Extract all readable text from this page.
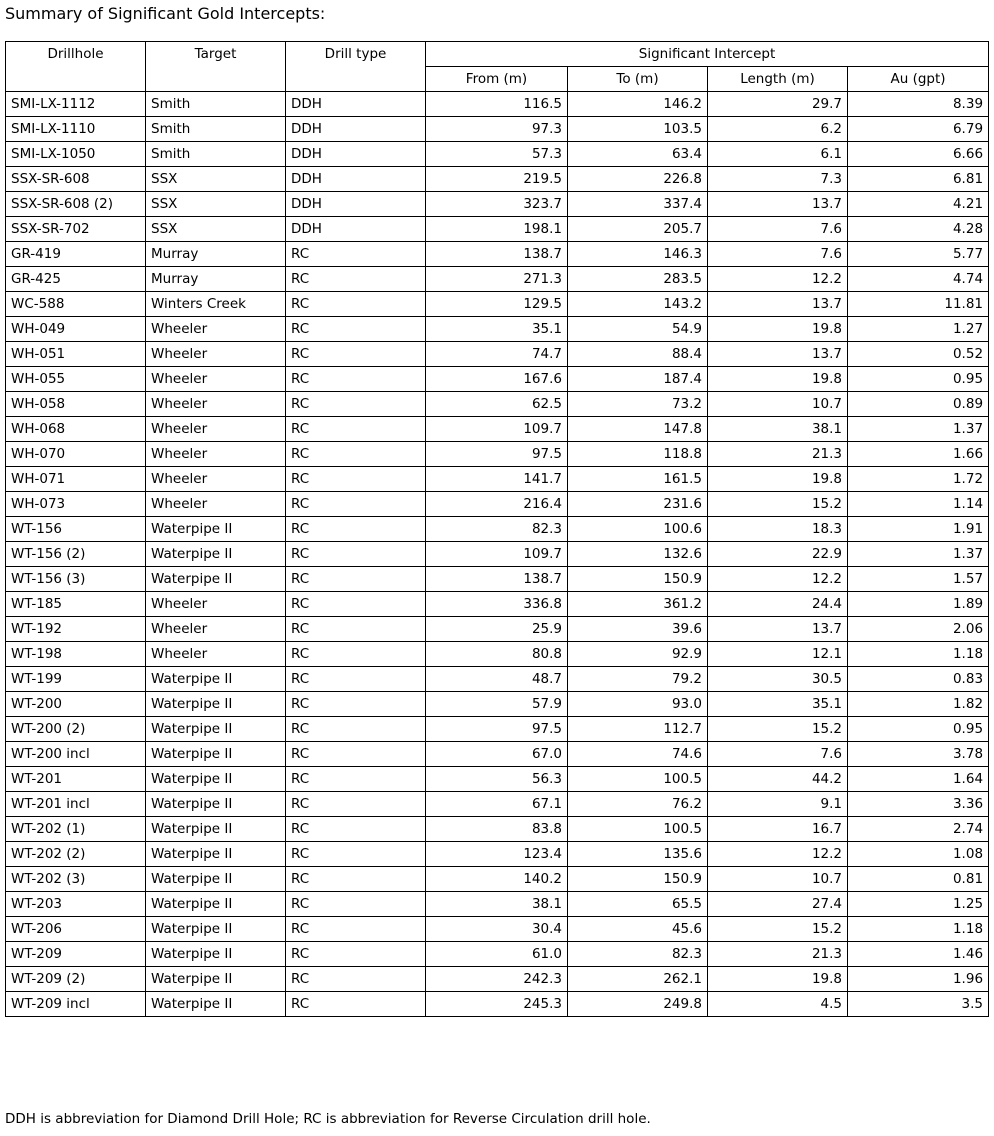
Summary of Significant Gold Intercepts:
Drillhole	Target	Drill type	Significant Intercept			
			From (m)	To (m)	Length (m)	Au (gpt)
SMI-LX-1112	Smith	DDH	116.5	146.2	29.7	8.39
SMI-LX-1110	Smith	DDH	97.3	103.5	6.2	6.79
SMI-LX-1050	Smith	DDH	57.3	63.4	6.1	6.66
SSX-SR-608	SSX	DDH	219.5	226.8	7.3	6.81
SSX-SR-608 (2)	SSX	DDH	323.7	337.4	13.7	4.21
SSX-SR-702	SSX	DDH	198.1	205.7	7.6	4.28
GR-419	Murray	RC	138.7	146.3	7.6	5.77
GR-425	Murray	RC	271.3	283.5	12.2	4.74
WC-588	Winters Creek	RC	129.5	143.2	13.7	11.81
WH-049	Wheeler	RC	35.1	54.9	19.8	1.27
WH-051	Wheeler	RC	74.7	88.4	13.7	0.52
WH-055	Wheeler	RC	167.6	187.4	19.8	0.95
WH-058	Wheeler	RC	62.5	73.2	10.7	0.89
WH-068	Wheeler	RC	109.7	147.8	38.1	1.37
WH-070	Wheeler	RC	97.5	118.8	21.3	1.66
WH-071	Wheeler	RC	141.7	161.5	19.8	1.72
WH-073	Wheeler	RC	216.4	231.6	15.2	1.14
WT-156	Waterpipe II	RC	82.3	100.6	18.3	1.91
WT-156 (2)	Waterpipe II	RC	109.7	132.6	22.9	1.37
WT-156 (3)	Waterpipe II	RC	138.7	150.9	12.2	1.57
WT-185	Wheeler	RC	336.8	361.2	24.4	1.89
WT-192	Wheeler	RC	25.9	39.6	13.7	2.06
WT-198	Wheeler	RC	80.8	92.9	12.1	1.18
WT-199	Waterpipe II	RC	48.7	79.2	30.5	0.83
WT-200	Waterpipe II	RC	57.9	93.0	35.1	1.82
WT-200 (2)	Waterpipe II	RC	97.5	112.7	15.2	0.95
WT-200 incl	Waterpipe II	RC	67.0	74.6	7.6	3.78
WT-201	Waterpipe II	RC	56.3	100.5	44.2	1.64
WT-201 incl	Waterpipe II	RC	67.1	76.2	9.1	3.36
WT-202 (1)	Waterpipe II	RC	83.8	100.5	16.7	2.74
WT-202 (2)	Waterpipe II	RC	123.4	135.6	12.2	1.08
WT-202 (3)	Waterpipe II	RC	140.2	150.9	10.7	0.81
WT-203	Waterpipe II	RC	38.1	65.5	27.4	1.25
WT-206	Waterpipe II	RC	30.4	45.6	15.2	1.18
WT-209	Waterpipe II	RC	61.0	82.3	21.3	1.46
WT-209 (2)	Waterpipe II	RC	242.3	262.1	19.8	1.96
WT-209 incl	Waterpipe II	RC	245.3	249.8	4.5	3.5
DDH is abbreviation for Diamond Drill Hole; RC is abbreviation for Reverse Circulation drill hole.
